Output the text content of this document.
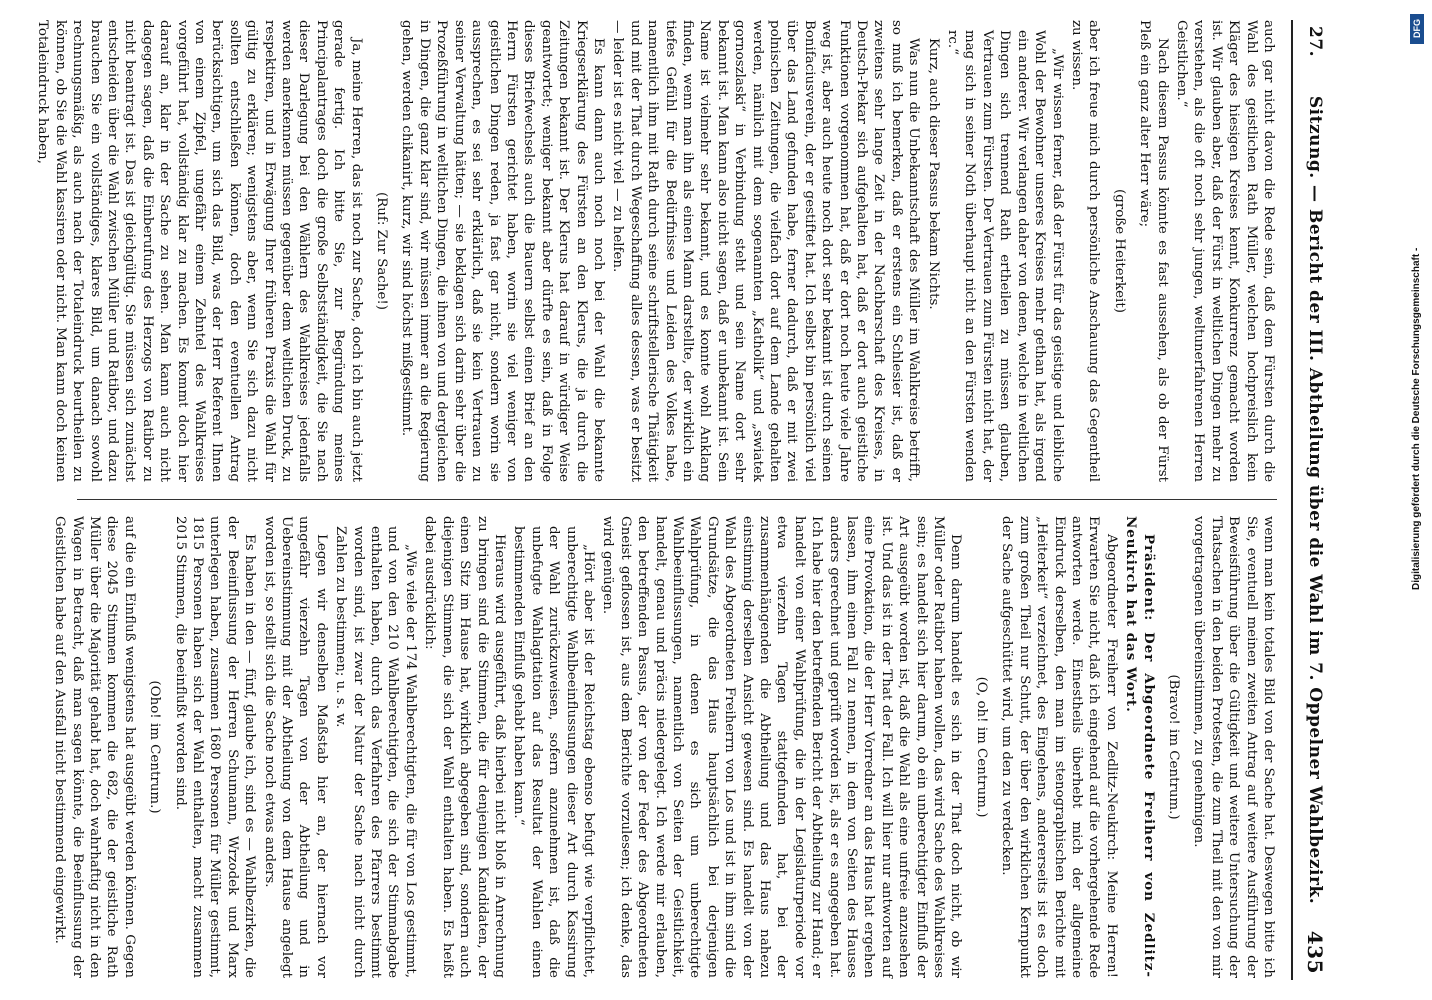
27.
Sitzung. — Bericht der III. Abtheilung über die Wahl im 7. Oppelner Wahlbezirk.
435

auch gar nicht davon die Rede sein, daß dem Fürsten durch die Wahl des geistlichen Rath Müller, welchen hochpreislich kein Kläger des hiesigen Kreises kennt, Konkurrenz gemacht worden ist. Wir glauben aber, daß der Fürst in weltlichen Dingen mehr zu verstehen, als die oft noch sehr jungen, weltunerfahrenen Herren Geistlichen.“

Nach diesem Passus könnte es fast aussehen, als ob der Fürst Pleß ein ganz alter Herr wäre;

(große Heiterkeit)

aber ich freue mich durch persönliche Anschauung das Gegentheil zu wissen.

„Wir wissen ferner, daß der Fürst für das geistige und leibliche Wohl der Bewohner unseres Kreises mehr gethan hat, als irgend ein anderer. Wir verlangen daher von denen, welche in weltlichen Dingen sich trennend Rath ertheilen zu müssen glauben, Vertrauen zum Fürsten. Der Vertrauen zum Fürsten nicht hat, der mag sich in seiner Noth überhaupt nicht an den Fürsten wenden rc.“

Kurz, auch dieser Passus bekam Nichts.

Was nun die Unbekanntschaft des Müller im Wahlkreise betrifft, so muß ich bemerken, daß er erstens ein Schlesier ist, daß er zweitens sehr lange Zeit in der Nachbarschaft des Kreises, in Deutsch-Piekar sich aufgehalten hat, daß er dort auch geistliche Funktionen vorgenommen hat, daß er dort noch heute viele Jahre weg ist, aber auch heute noch dort sehr bekannt ist durch seinen Bonifaciusverein, der er gestiftet hat. Ich selbst bin persönlich viel über das Land gefunden habe, ferner dadurch, daß er mit zwei polnischen Zeitungen, die vielfach dort auf dem Lande gehalten werden, nämlich mit dem sogenannten „Katholik“ und „swiatek gornoszlaski“ in Verbindung steht und sein Name dort sehr bekannt ist. Man kann also nicht sagen, daß er unbekannt ist. Sein Name ist vielmehr sehr bekannt, und es konnte wohl Anklang finden, wenn man ihn als einen Mann darstellte, der wirklich ein tiefes Gefühl für die Bedürfnisse und Leiden des Volkes habe, namentlich ihm mit Rath durch seine schriftstellerische Thätigkeit und mit der That durch Wegeschaffung alles dessen, was er besitzt — leider ist es nicht viel — zu helfen.

Es kann dann auch noch noch bei der Wahl die bekannte Kriegserklärung des Fürsten an den Klerus, die ja durch die Zeitungen bekannt ist. Der Klerus hat darauf in würdiger Weise geantwortet; weniger bekannt aber dürfte es sein, daß in Folge dieses Briefwechsels auch die Bauern selbst einen Brief an den Herrn Fürsten gerichtet haben, worin sie viel weniger von geistlichen Dingen reden, ja fast gar nicht, sondern worin sie aussprechen, es sei sehr erklärlich, daß sie kein Vertrauen zu seiner Verwaltung hätten; — sie beklagen sich darin sehr über die Prozeßführung in weltlichen Dingen, die ihnen von und dergleichen in Dingen, die ganz klar sind, wir müssen immer an die Regierung gehen, werden chikanirt, kurz, wir sind höchst mißgestimmt.

(Ruf: Zur Sache!)

Ja, meine Herren, das ist noch zur Sache, doch ich bin auch jetzt gerade fertig. Ich bitte Sie, zur Begründung meines Principalantrages doch die große Selbstständigkeit, die Sie nach dieser Darlegung bei den Wählern des Wahlkreises jedenfalls werden anerkennen müssen gegenüber dem weltlichen Druck, zu respektiren, und in Erwägung Ihrer früheren Praxis die Wahl für gültig zu erklären; wenigstens aber, wenn Sie sich dazu nicht sollten entschließen können, doch den eventuellen Antrag berücksichtigen, um sich das Bild, was der Herr Referent Ihnen von einem Zipfel, ungefähr einem Zehntel des Wahlkreises vorgeführt hat, vollständig klar zu machen. Es kommt doch hier darauf an, klar in der Sache zu sehen. Man kann auch nicht dagegen sagen, daß die Einberufung des Herzogs von Ratibor zu nicht beantragt ist. Das ist gleichgültig. Sie müssen sich zunächst entscheiden über die Wahl zwischen Müller und Ratibor, und dazu brauchen Sie ein vollständiges, klares Bild, um danach sowohl rechnungsmäßig, als auch nach der Totaleindruck beurtheilen zu können, ob Sie die Wahl kassiren oder nicht. Man kann doch keinen Totaleindruck haben,

wenn man kein totales Bild von der Sache hat. Deswegen bitte ich Sie, eventuell meinen zweiten Antrag auf weitere Ausführung der Beweisführung über die Gültigkeit und weitere Untersuchung der Thatsachen in den beiden Protesten, die zum Theil mit den von mir vorgetragenen übereinstimmen, zu genehmigen.

(Bravo! im Centrum.)

Präsident: Der Abgeordnete Freiherr von Zedlitz-Neukirch hat das Wort.

Abgeordneter Freiherr von Zedlitz-Neukirch: Meine Herren! Erwarten Sie nicht, daß ich eingehend auf die vorhergehende Rede antworten werde. Einestheils überhebt mich der allgemeine Eindruck derselben, den man im stenographischen Berichte mit „Heiterkeit“ verzeichnet, des Eingehens, andererseits ist es doch zum großen Theil nur Schutt, der über den wirklichen Kernpunkt der Sache aufgeschüttet wird, um den zu verdecken.

(O, oh! im Centrum.)

Denn darum handelt es sich in der That doch nicht, ob wir Müller oder Ratibor haben wollen, das wird Sache des Wahlkreises sein; es handelt sich hier darum, ob ein unberechtigter Einfluß der Art ausgeübt worden ist, daß die Wahl als eine unfreie anzusehen ist. Und das ist in der That der Fall. Ich will hier nur antworten auf eine Provokation, die der Herr Vorredner an das Haus hat ergehen lassen, ihm einen Fall zu nennen, in dem von Seiten des Hauses anders gerechnet und geprüft worden ist, als er es angegeben hat. Ich habe hier den betreffenden Bericht der Abtheilung zur Hand; er handelt von einer Wahlprüfung, die in der Legislaturperiode vor etwa vierzehn Tagen stattgefunden hat, bei der zusammenhängenden die Abtheilung und das Haus nahezu einstimmig derselben Ansicht gewesen sind. Es handelt von der Wahl des Abgeordneten Freiherrn von Los und ist in ihm sind die Grundsätze, die das Haus hauptsächlich bei derjenigen Wahlprüfung, in denen es sich um unberechtigte Wahlbeeinflussungen, namentlich von Seiten der Geistlichkeit, handelt, genau und präcis niedergelegt. Ich werde mir erlauben, den betreffenden Passus, der von der Feder des Abgeordneten Gneist geflossen ist, aus dem Berichte vorzulesen; ich denke, das wird genügen.

„Hört aber ist der Reichstag ebenso befugt wie verpflichtet, unberechtigte Wahlbeeinflussungen dieser Art durch Kassirung der Wahl zurückzuweisen, sofern anzunehmen ist, daß die unbefugte Wahlagitation auf das Resultat der Wahlen einen bestimmenden Einfluß gehabt haben kann.“

Hieraus wird ausgeführt, daß hierbei nicht bloß in Anrechnung zu bringen sind die Stimmen, die für denjenigen Kandidaten, der einen Sitz im Hause hat, wirklich abgegeben sind, sondern auch diejenigen Stimmen, die sich der Wahl enthalten haben. Es heißt dabei ausdrücklich:

„Wie viele der 174 Wahlberechtigten, die für von Los gestimmt, und von den 210 Wahlberechtigten, die sich der Stimmabgabe enthalten haben, durch das Verfahren des Pfarrers bestimmt worden sind, ist zwar der Natur der Sache nach nicht durch Zahlen zu bestimmen; u. s. w.

Legen wir denselben Maßstab hier an, der hiernach vor ungefähr vierzehn Tagen von der Abtheilung und in Uebereinstimmung mit der Abtheilung von dem Hause angelegt worden ist, so stellt sich die Sache noch etwas anders.

Es haben in den — fünf, glaube ich, sind es — Wahlbezirken, die der Beeinflussung der Herren Schumann, Wrzodek und Marx unterlegen haben, zusammen 1680 Personen für Müller gestimmt, 1815 Personen haben sich der Wahl enthalten, macht zusammen 2015 Stimmen, die beeinflußt worden sind.

(Oho! im Centrum.)

auf die ein Einfluß wenigstens hat ausgeübt werden können. Gegen diese 2045 Stimmen kommen die 682, die der geistliche Rath Müller über die Majorität gehabt hat, doch wahrhaftig nicht in den Wagen in Betracht, daß man sagen könnte, die Beeinflussung der Geistlichen habe auf den Ausfall nicht bestimmend eingewirkt.

DFG
Digitalisierung gefördert durch die Deutsche Forschungsgemeinschaft -
